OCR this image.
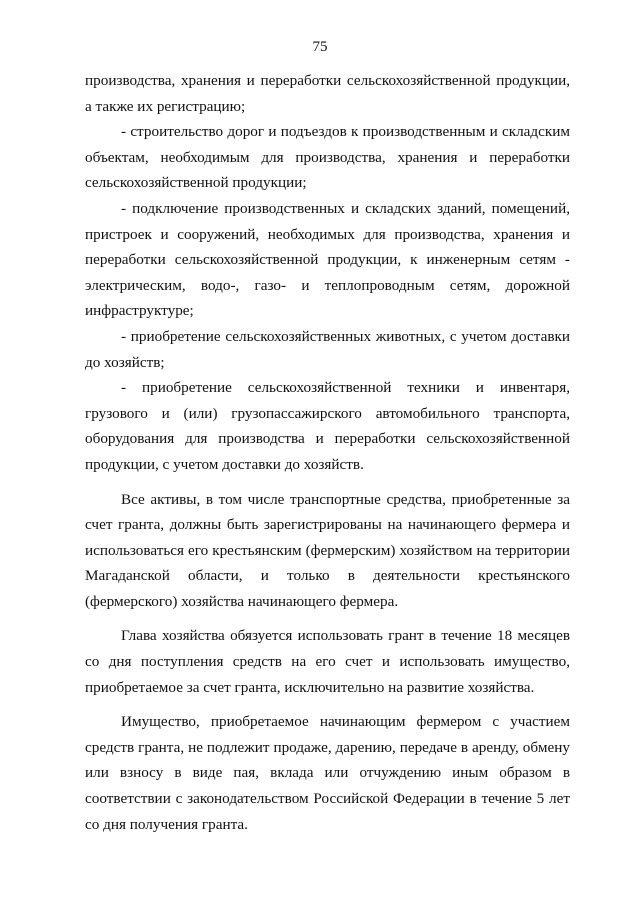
75

производства, хранения и переработки сельскохозяйственной продукции, а также их регистрацию;

- строительство дорог и подъездов к производственным и складским объектам, необходимым для производства, хранения и переработки сельскохозяйственной продукции;

- подключение производственных и складских зданий, помещений, пристроек и сооружений, необходимых для производства, хранения и переработки сельскохозяйственной продукции, к инженерным сетям - электрическим, водо-, газо- и теплопроводным сетям, дорожной инфраструктуре;

- приобретение сельскохозяйственных животных, с учетом доставки до хозяйств;

- приобретение сельскохозяйственной техники и инвентаря, грузового и (или) грузопассажирского автомобильного транспорта, оборудования для производства и переработки сельскохозяйственной продукции, с учетом доставки до хозяйств.

Все активы, в том числе транспортные средства, приобретенные за счет гранта, должны быть зарегистрированы на начинающего фермера и использоваться его крестьянским (фермерским) хозяйством на территории Магаданской области, и только в деятельности крестьянского (фермерского) хозяйства начинающего фермера.

Глава хозяйства обязуется использовать грант в течение 18 месяцев со дня поступления средств на его счет и использовать имущество, приобретаемое за счет гранта, исключительно на развитие хозяйства.

Имущество, приобретаемое начинающим фермером с участием средств гранта, не подлежит продаже, дарению, передаче в аренду, обмену или взносу в виде пая, вклада или отчуждению иным образом в соответствии с законодательством Российской Федерации в течение 5 лет со дня получения гранта.
